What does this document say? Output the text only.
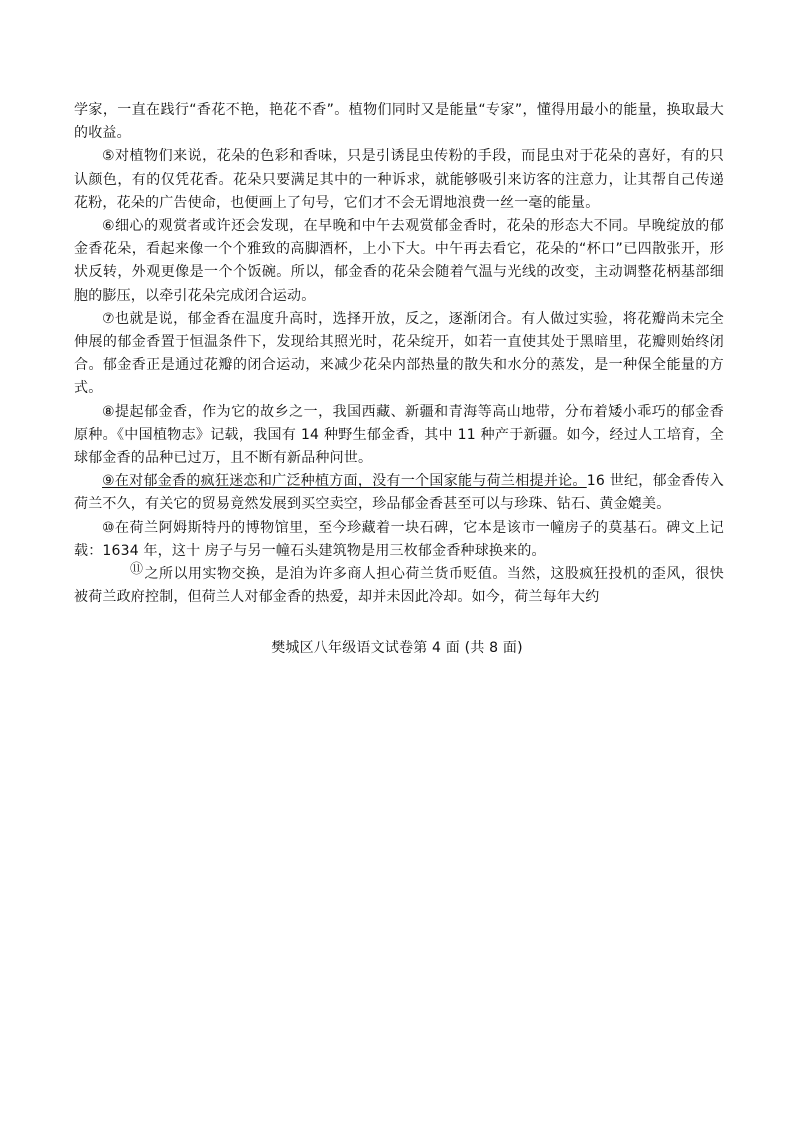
学家，一直在践行“香花不艳，艳花不香”。植物们同时又是能量“专家”，懂得用最小的能量，换取最大的收益。

⑤对植物们来说，花朵的色彩和香味，只是引诱昆虫传粉的手段，而昆虫对于花朵的喜好，有的只认颜色，有的仅凭花香。花朵只要满足其中的一种诉求，就能够吸引来访客的注意力，让其帮自己传递花粉，花朵的广告使命，也便画上了句号，它们才不会无谓地浪费一丝一毫的能量。

⑥细心的观赏者或许还会发现，在早晚和中午去观赏郁金香时，花朵的形态大不同。早晚绽放的郁金香花朵，看起来像一个个雅致的高脚酒杯，上小下大。中午再去看它，花朵的“杯口”已四散张开，形状反转，外观更像是一个个饭碗。所以，郁金香的花朵会随着气温与光线的改变，主动调整花柄基部细胞的膨压，以牵引花朵完成闭合运动。

⑦也就是说，郁金香在温度升高时，选择开放，反之，逐渐闭合。有人做过实验，将花瓣尚未完全伸展的郁金香置于恒温条件下，发现给其照光时，花朵绽开，如若一直使其处于黑暗里，花瓣则始终闭合。郁金香正是通过花瓣的闭合运动，来减少花朵内部热量的散失和水分的蒸发，是一种保全能量的方式。

⑧提起郁金香，作为它的故乡之一，我国西藏、新疆和青海等高山地带，分布着矮小乖巧的郁金香原种。《中国植物志》记载，我国有 14 种野生郁金香，其中 11 种产于新疆。如今，经过人工培育，全球郁金香的品种已过万，且不断有新品种问世。

⑨在对郁金香的疯狂迷恋和广泛种植方面，没有一个国家能与荷兰相提并论。16 世纪，郁金香传入荷兰不久，有关它的贸易竟然发展到买空卖空，珍品郁金香甚至可以与珍珠、钻石、黄金媲美。

⑩在荷兰阿姆斯特丹的博物馆里，至今珍藏着一块石碑，它本是该市一幢房子的莫基石。碑文上记载：1634 年，这十 房子与另一幢石头建筑物是用三枚郁金香种球换来的。

⑪之所以用实物交换，是洎为许多商人担心荷兰货币贬值。当然，这股疯狂投机的歪风，很快被荷兰政府控制，但荷兰人对郁金香的热爱，却并未因此冷却。如今，荷兰每年大约

樊城区八年级语文试卷第 4 面 (共 8 面)
